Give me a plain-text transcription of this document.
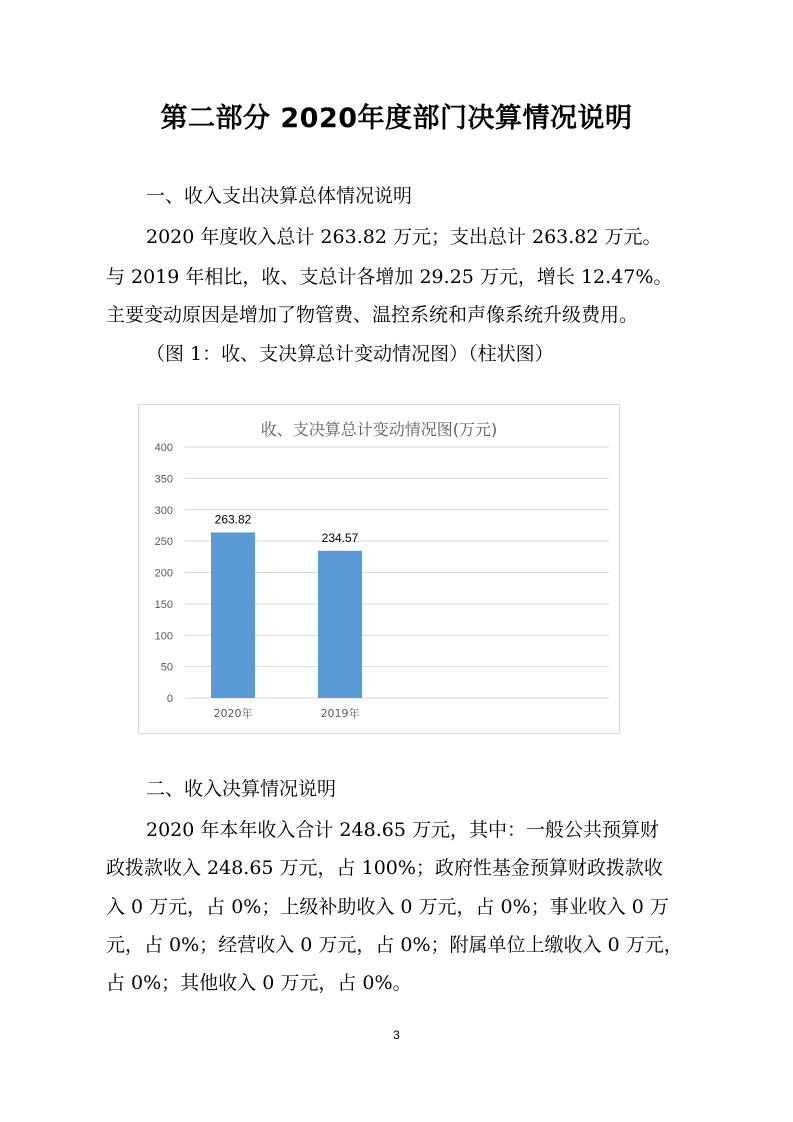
第二部分 2020年度部门决算情况说明
一、收入支出决算总体情况说明
2020 年度收入总计 263.82 万元；支出总计 263.82 万元。
与 2019 年相比，收、支总计各增加 29.25 万元，增长 12.47%。
主要变动原因是增加了物管费、温控系统和声像系统升级费用。
（图 1：收、支决算总计变动情况图）（柱状图）
收、支决算总计变动情况图(万元)
0
50
100
150
200
250
300
350
400
263.82
2020年
234.57
2019年
二、收入决算情况说明
2020 年本年收入合计 248.65 万元，其中：一般公共预算财
政拨款收入 248.65 万元，占 100%；政府性基金预算财政拨款收
入 0 万元，占 0%；上级补助收入 0 万元，占 0%；事业收入 0 万
元，占 0%；经营收入 0 万元，占 0%；附属单位上缴收入 0 万元，
占 0%；其他收入 0 万元，占 0%。
3
